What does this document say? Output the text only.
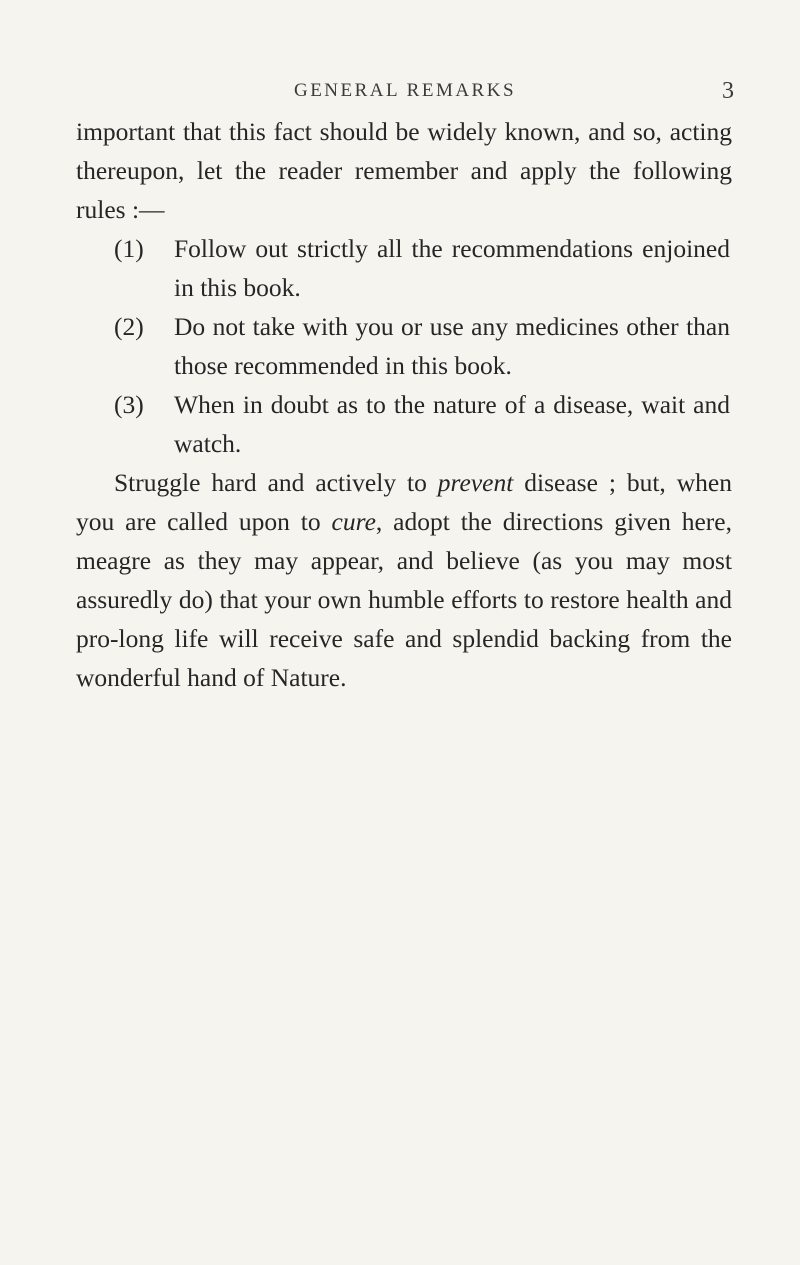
GENERAL REMARKS	3

important that this fact should be widely known, and so, acting thereupon, let the reader remember and apply the following rules :—

(1)	Follow out strictly all the recommendations enjoined in this book.
(2)	Do not take with you or use any medicines other than those recommended in this book.
(3)	When in doubt as to the nature of a disease, wait and watch.

Struggle hard and actively to prevent disease ; but, when you are called upon to cure, adopt the directions given here, meagre as they may appear, and believe (as you may most assuredly do) that your own humble efforts to restore health and pro-long life will receive safe and splendid backing from the wonderful hand of Nature.
